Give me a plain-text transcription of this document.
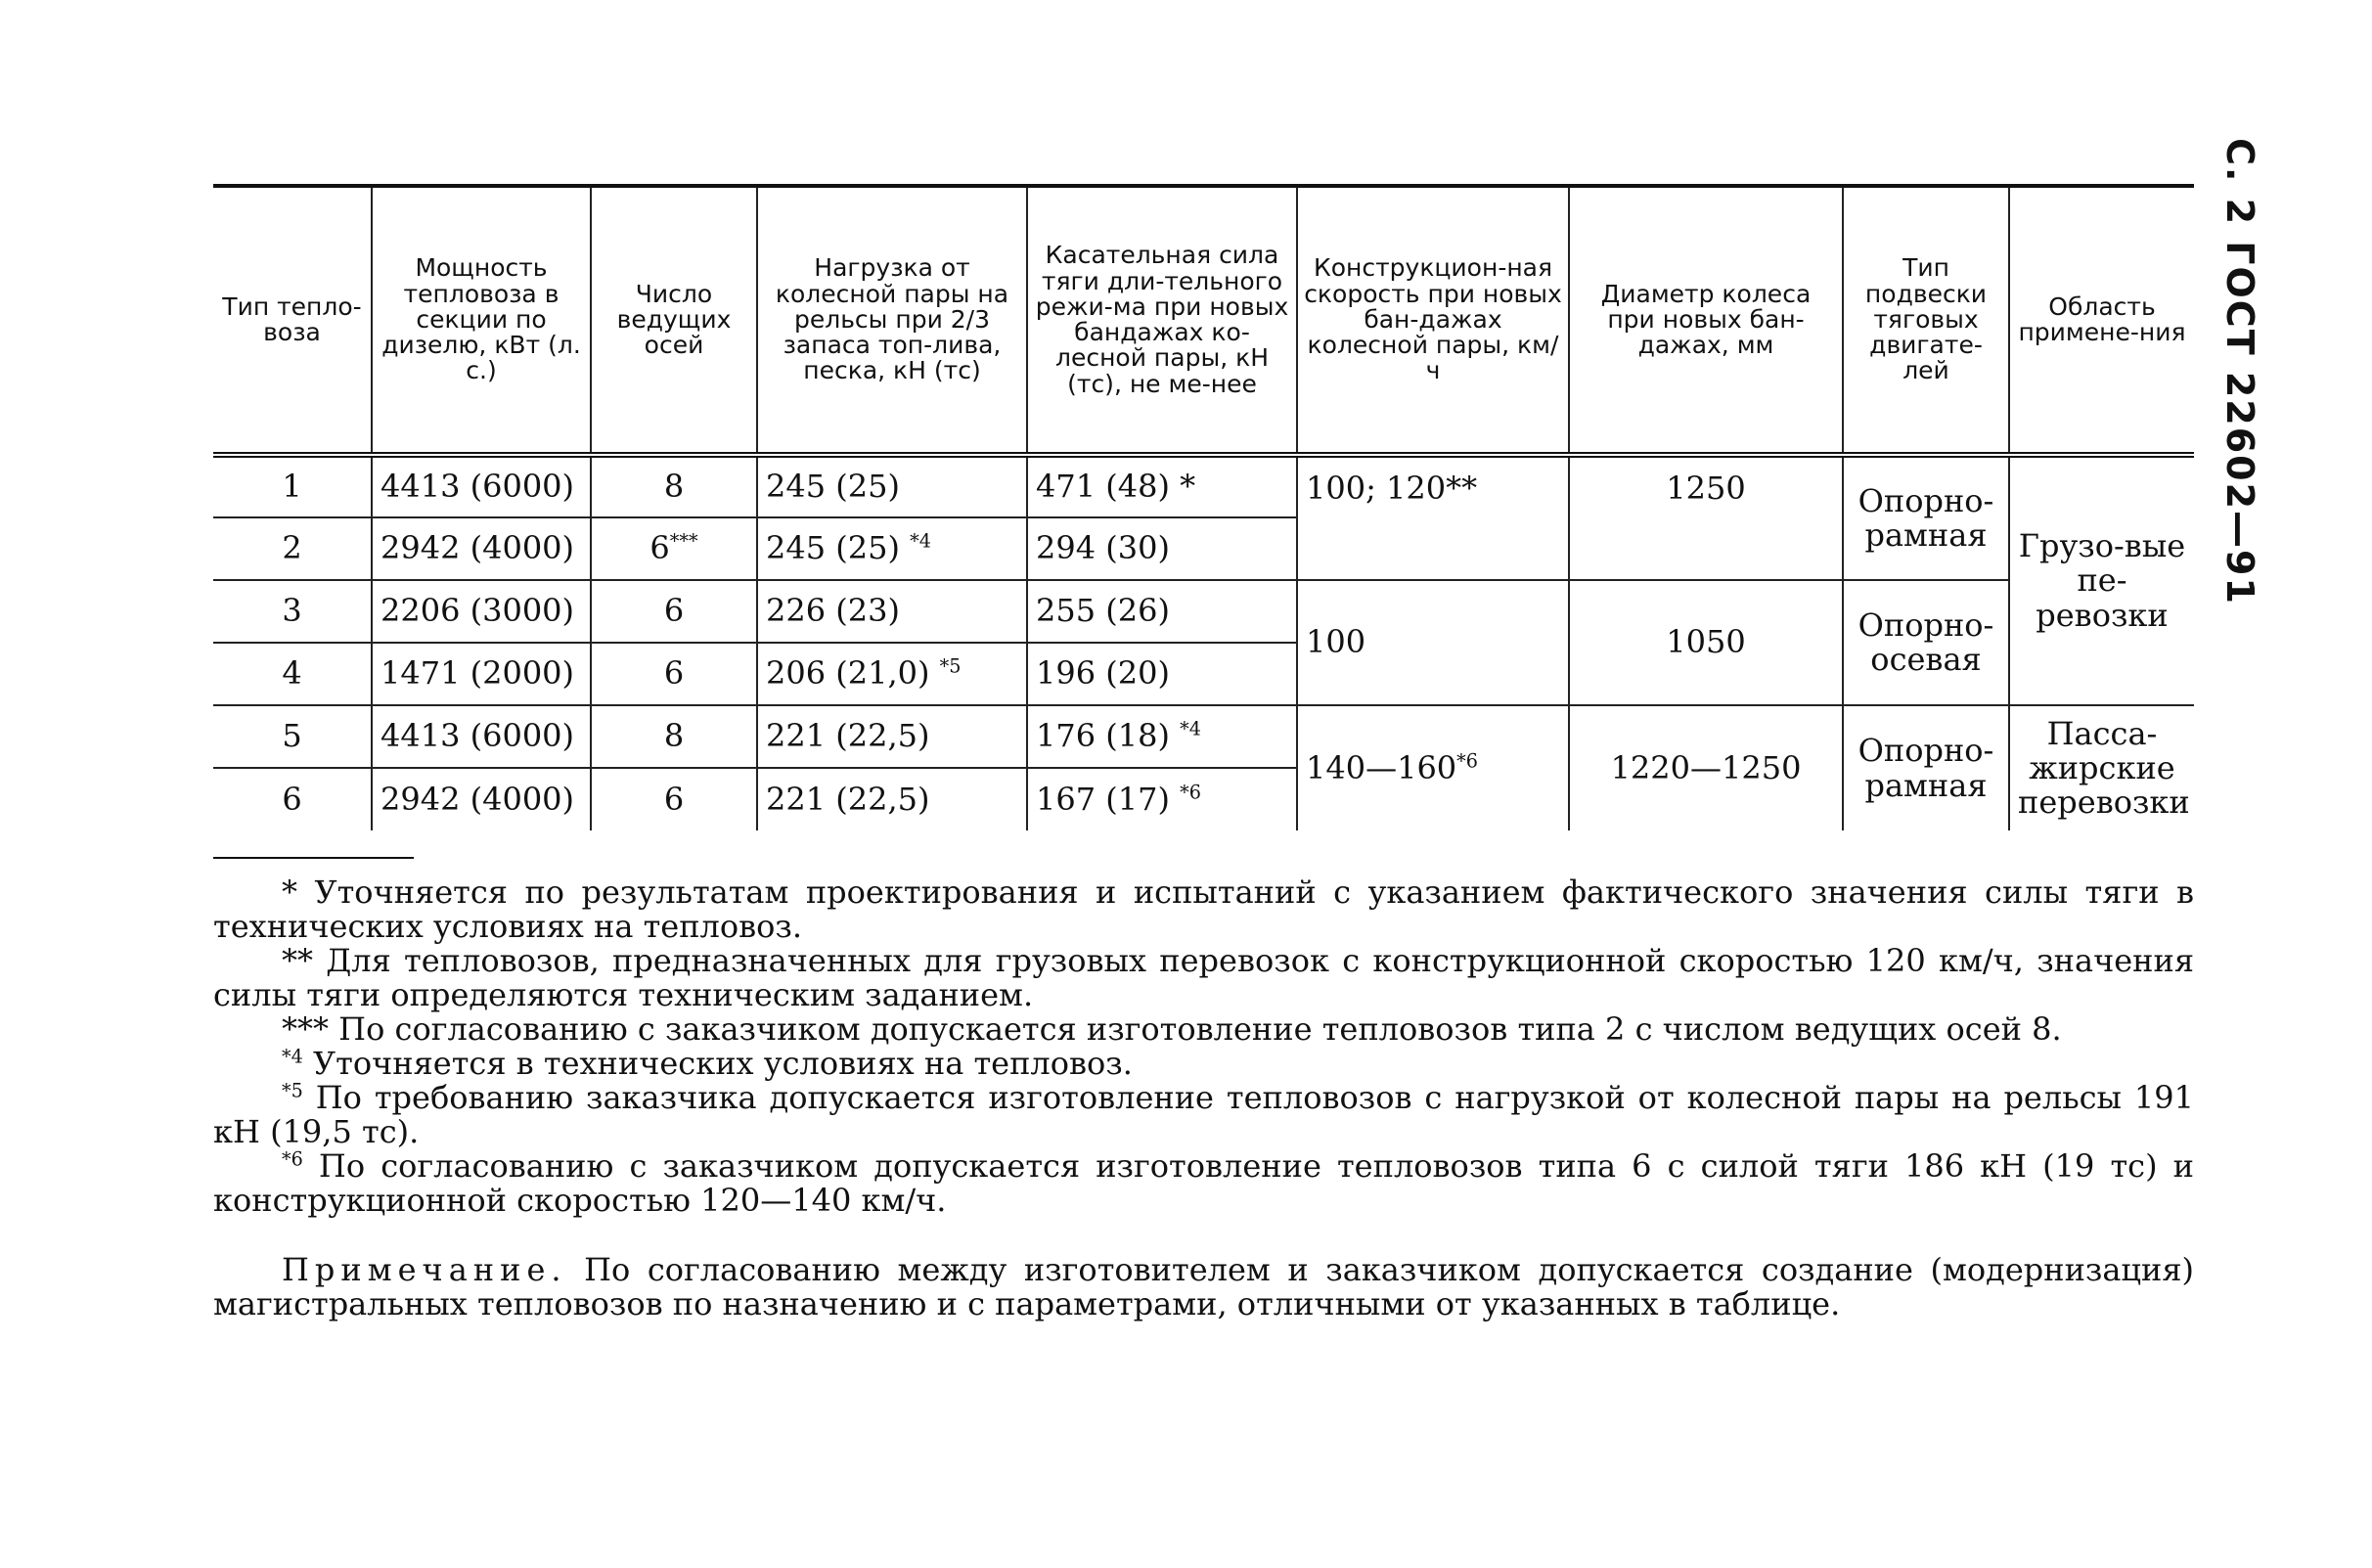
С. 2 ГОСТ 22602—91
Тип тепло-воза	Мощность тепловоза в секции по дизелю, кВт (л. с.)	Число ведущих осей	Нагрузка от колесной пары на рельсы при 2/3 запаса топ-лива, песка, кН (тс)	Касательная сила тяги дли-тельного режи-ма при новых бандажах ко-лесной пары, кН (тс), не ме-нее	Конструкцион-ная скорость при новых бан-дажах колесной пары, км/ч	Диаметр колеса при новых бан-дажах, мм	Тип подвески тяговых двигате-лей	Область примене-ния
1	4413 (6000)	8	245 (25)	471 (48) *	100; 120**	1250	Опорно-рамная	Грузо-вые пе-ревозки
2	2942 (4000)	6***	245 (25) $^{*4}$	294 (30)				
3	2206 (3000)	6	226 (23)	255 (26)	100	1050	Опорно-осевая	
4	1471 (2000)	6	206 (21,0) $^{*5}$	196 (20)				
5	4413 (6000)	8	221 (22,5)	176 (18) $^{*4}$	140—160$^{*6}$	1220—1250	Опорно-рамная	Пасса-жирские перевозки
6	2942 (4000)	6	221 (22,5)	167 (17) $^{*6}$

* Уточняется по результатам проектирования и испытаний с указанием фактического значения силы тяги в технических условиях на тепловоз.

** Для тепловозов, предназначенных для грузовых перевозок с конструкционной скоростью 120 км/ч, значения силы тяги определяются техническим заданием.

*** По согласованию с заказчиком допускается изготовление тепловозов типа 2 с числом ведущих осей 8.

$^{*4}$ Уточняется в технических условиях на тепловоз.

$^{*5}$ По требованию заказчика допускается изготовление тепловозов с нагрузкой от колесной пары на рельсы 191 кН (19,5 тс).

$^{*6}$ По согласованию с заказчиком допускается изготовление тепловозов типа 6 с силой тяги 186 кН (19 тс) и конструкционной скоростью 120—140 км/ч.

Примечание. По согласованию между изготовителем и заказчиком допускается создание (модернизация) магистральных тепловозов по назначению и с параметрами, отличными от указанных в таблице.
